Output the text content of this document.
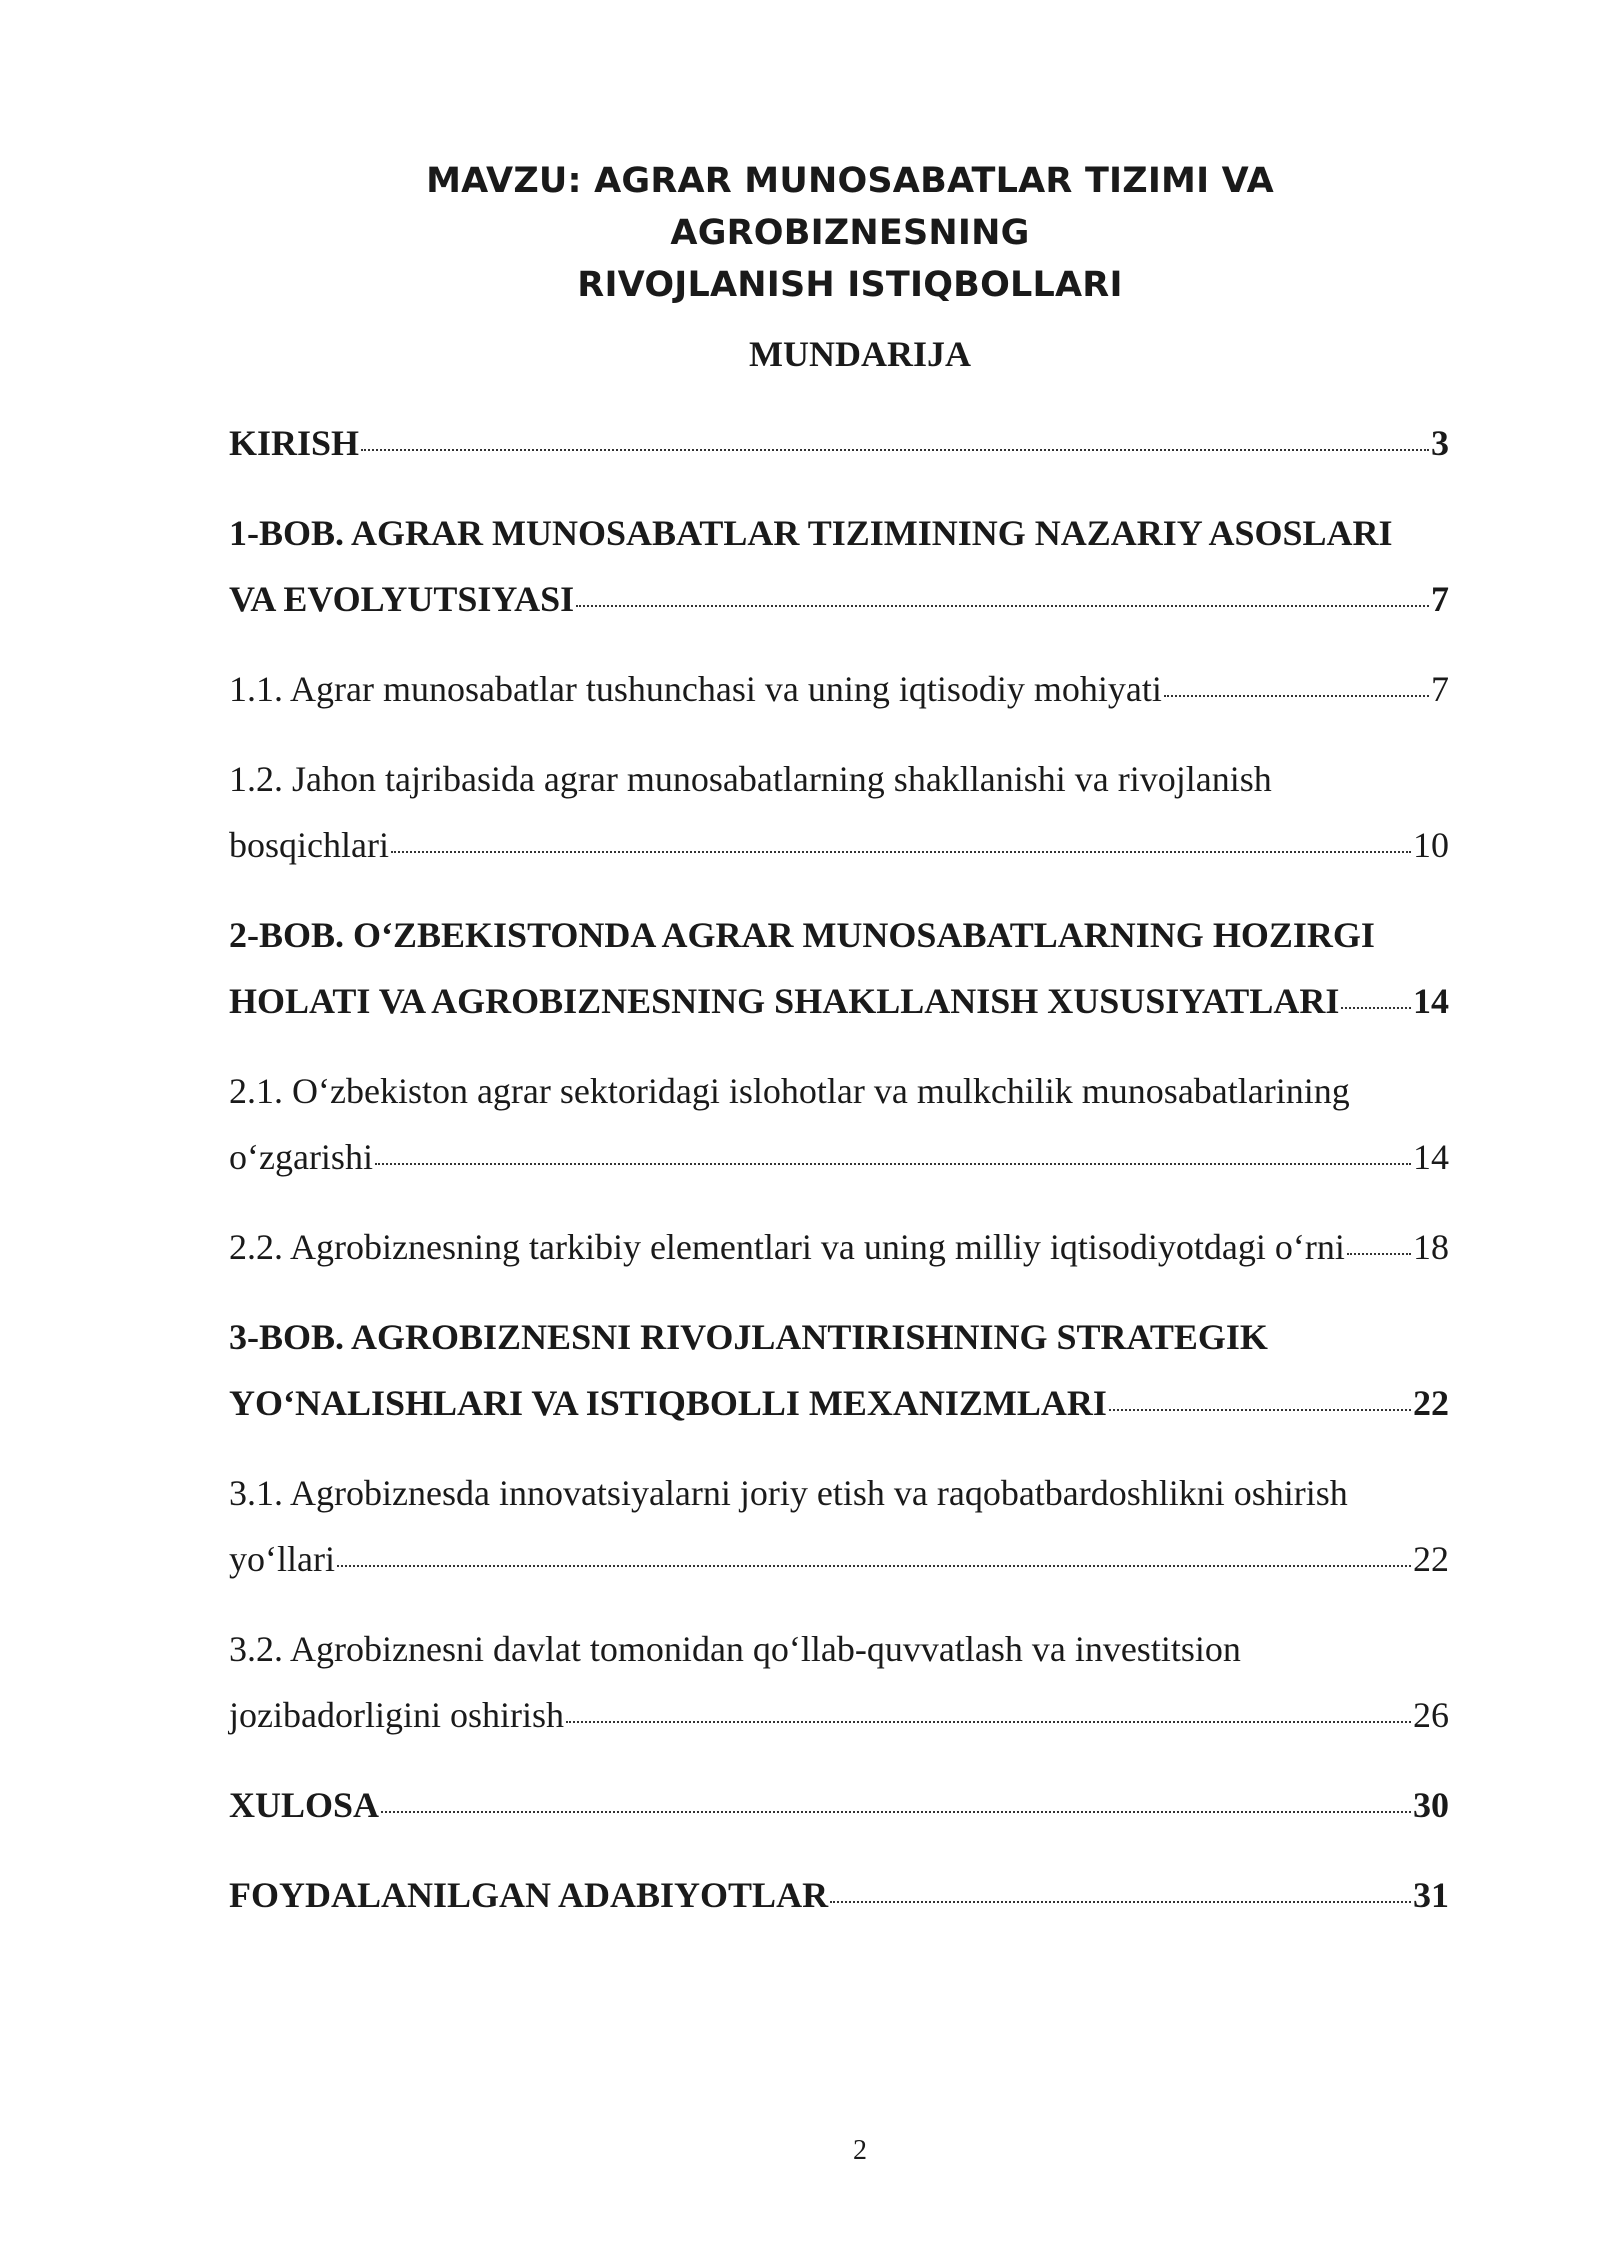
MAVZU: AGRAR MUNOSABATLAR TIZIMI VA AGROBIZNESNING
RIVOJLANISH ISTIQBOLLARI
MUNDARIJA
KIRISH	3
1-BOB. AGRAR MUNOSABATLAR TIZIMINING NAZARIY ASOSLARI
VA EVOLYUTSIYASI	7
1.1. Agrar munosabatlar tushunchasi va uning iqtisodiy mohiyati	7
1.2. Jahon tajribasida agrar munosabatlarning shakllanishi va rivojlanish
bosqichlari	10
2-BOB. O‘ZBEKISTONDA AGRAR MUNOSABATLARNING HOZIRGI
HOLATI VA AGROBIZNESNING SHAKLLANISH XUSUSIYATLARI 14
2.1. O‘zbekiston agrar sektoridagi islohotlar va mulkchilik munosabatlarining
o‘zgarishi	14
2.2. Agrobiznesning tarkibiy elementlari va uning milliy iqtisodiyotdagi o‘rni 18
3-BOB. AGROBIZNESNI RIVOJLANTIRISHNING STRATEGIK
YO‘NALISHLARI VA ISTIQBOLLI MEXANIZMLARI	22
3.1. Agrobiznesda innovatsiyalarni joriy etish va raqobatbardoshlikni oshirish
yo‘llari	22
3.2. Agrobiznesni davlat tomonidan qo‘llab-quvvatlash va investitsion
jozibadorligini oshirish	26
XULOSA	30
FOYDALANILGAN ADABIYOTLAR	31
2
